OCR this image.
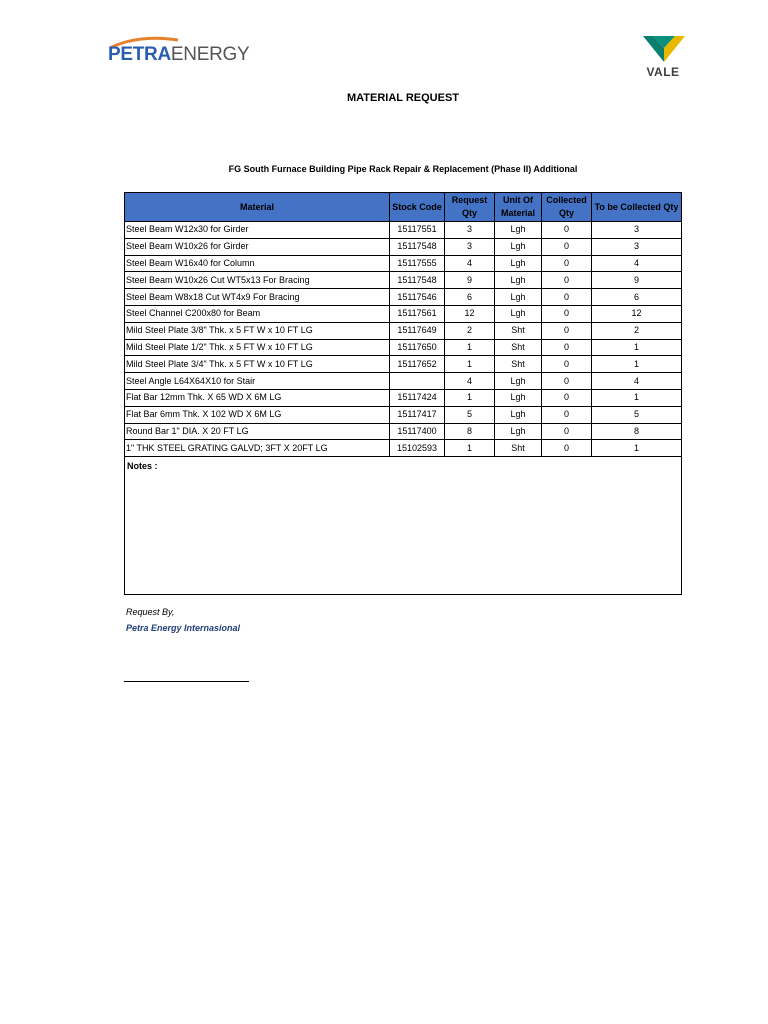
PETRAENERGY
VALE
MATERIAL REQUEST
FG South Furnace Building Pipe Rack Repair & Replacement (Phase II) Additional
Material	Stock Code	Request Qty	Unit Of Material	Collected Qty	To be Collected Qty
Steel Beam W12x30 for Girder	15117551	3	Lgh	0	3
Steel Beam W10x26 for Girder	15117548	3	Lgh	0	3
Steel Beam W16x40 for Column	15117555	4	Lgh	0	4
Steel Beam W10x26 Cut WT5x13 For Bracing	15117548	9	Lgh	0	9
Steel Beam W8x18 Cut WT4x9 For Bracing	15117546	6	Lgh	0	6
Steel Channel C200x80 for Beam	15117561	12	Lgh	0	12
Mild Steel Plate 3/8" Thk. x 5 FT W x 10 FT LG	15117649	2	Sht	0	2
Mild Steel Plate 1/2" Thk. x 5 FT W x 10 FT LG	15117650	1	Sht	0	1
Mild Steel Plate 3/4" Thk. x 5 FT W x 10 FT LG	15117652	1	Sht	0	1
Steel Angle L64X64X10 for Stair		4	Lgh	0	4
Flat Bar 12mm Thk. X 65 WD X 6M LG	15117424	1	Lgh	0	1
Flat Bar 6mm Thk. X 102 WD X 6M LG	15117417	5	Lgh	0	5
Round Bar 1" DIA. X 20 FT LG	15117400	8	Lgh	0	8
1" THK STEEL GRATING GALVD; 3FT X 20FT LG	15102593	1	Sht	0	1
Notes :					
Request By,
Petra Energy Internasional
